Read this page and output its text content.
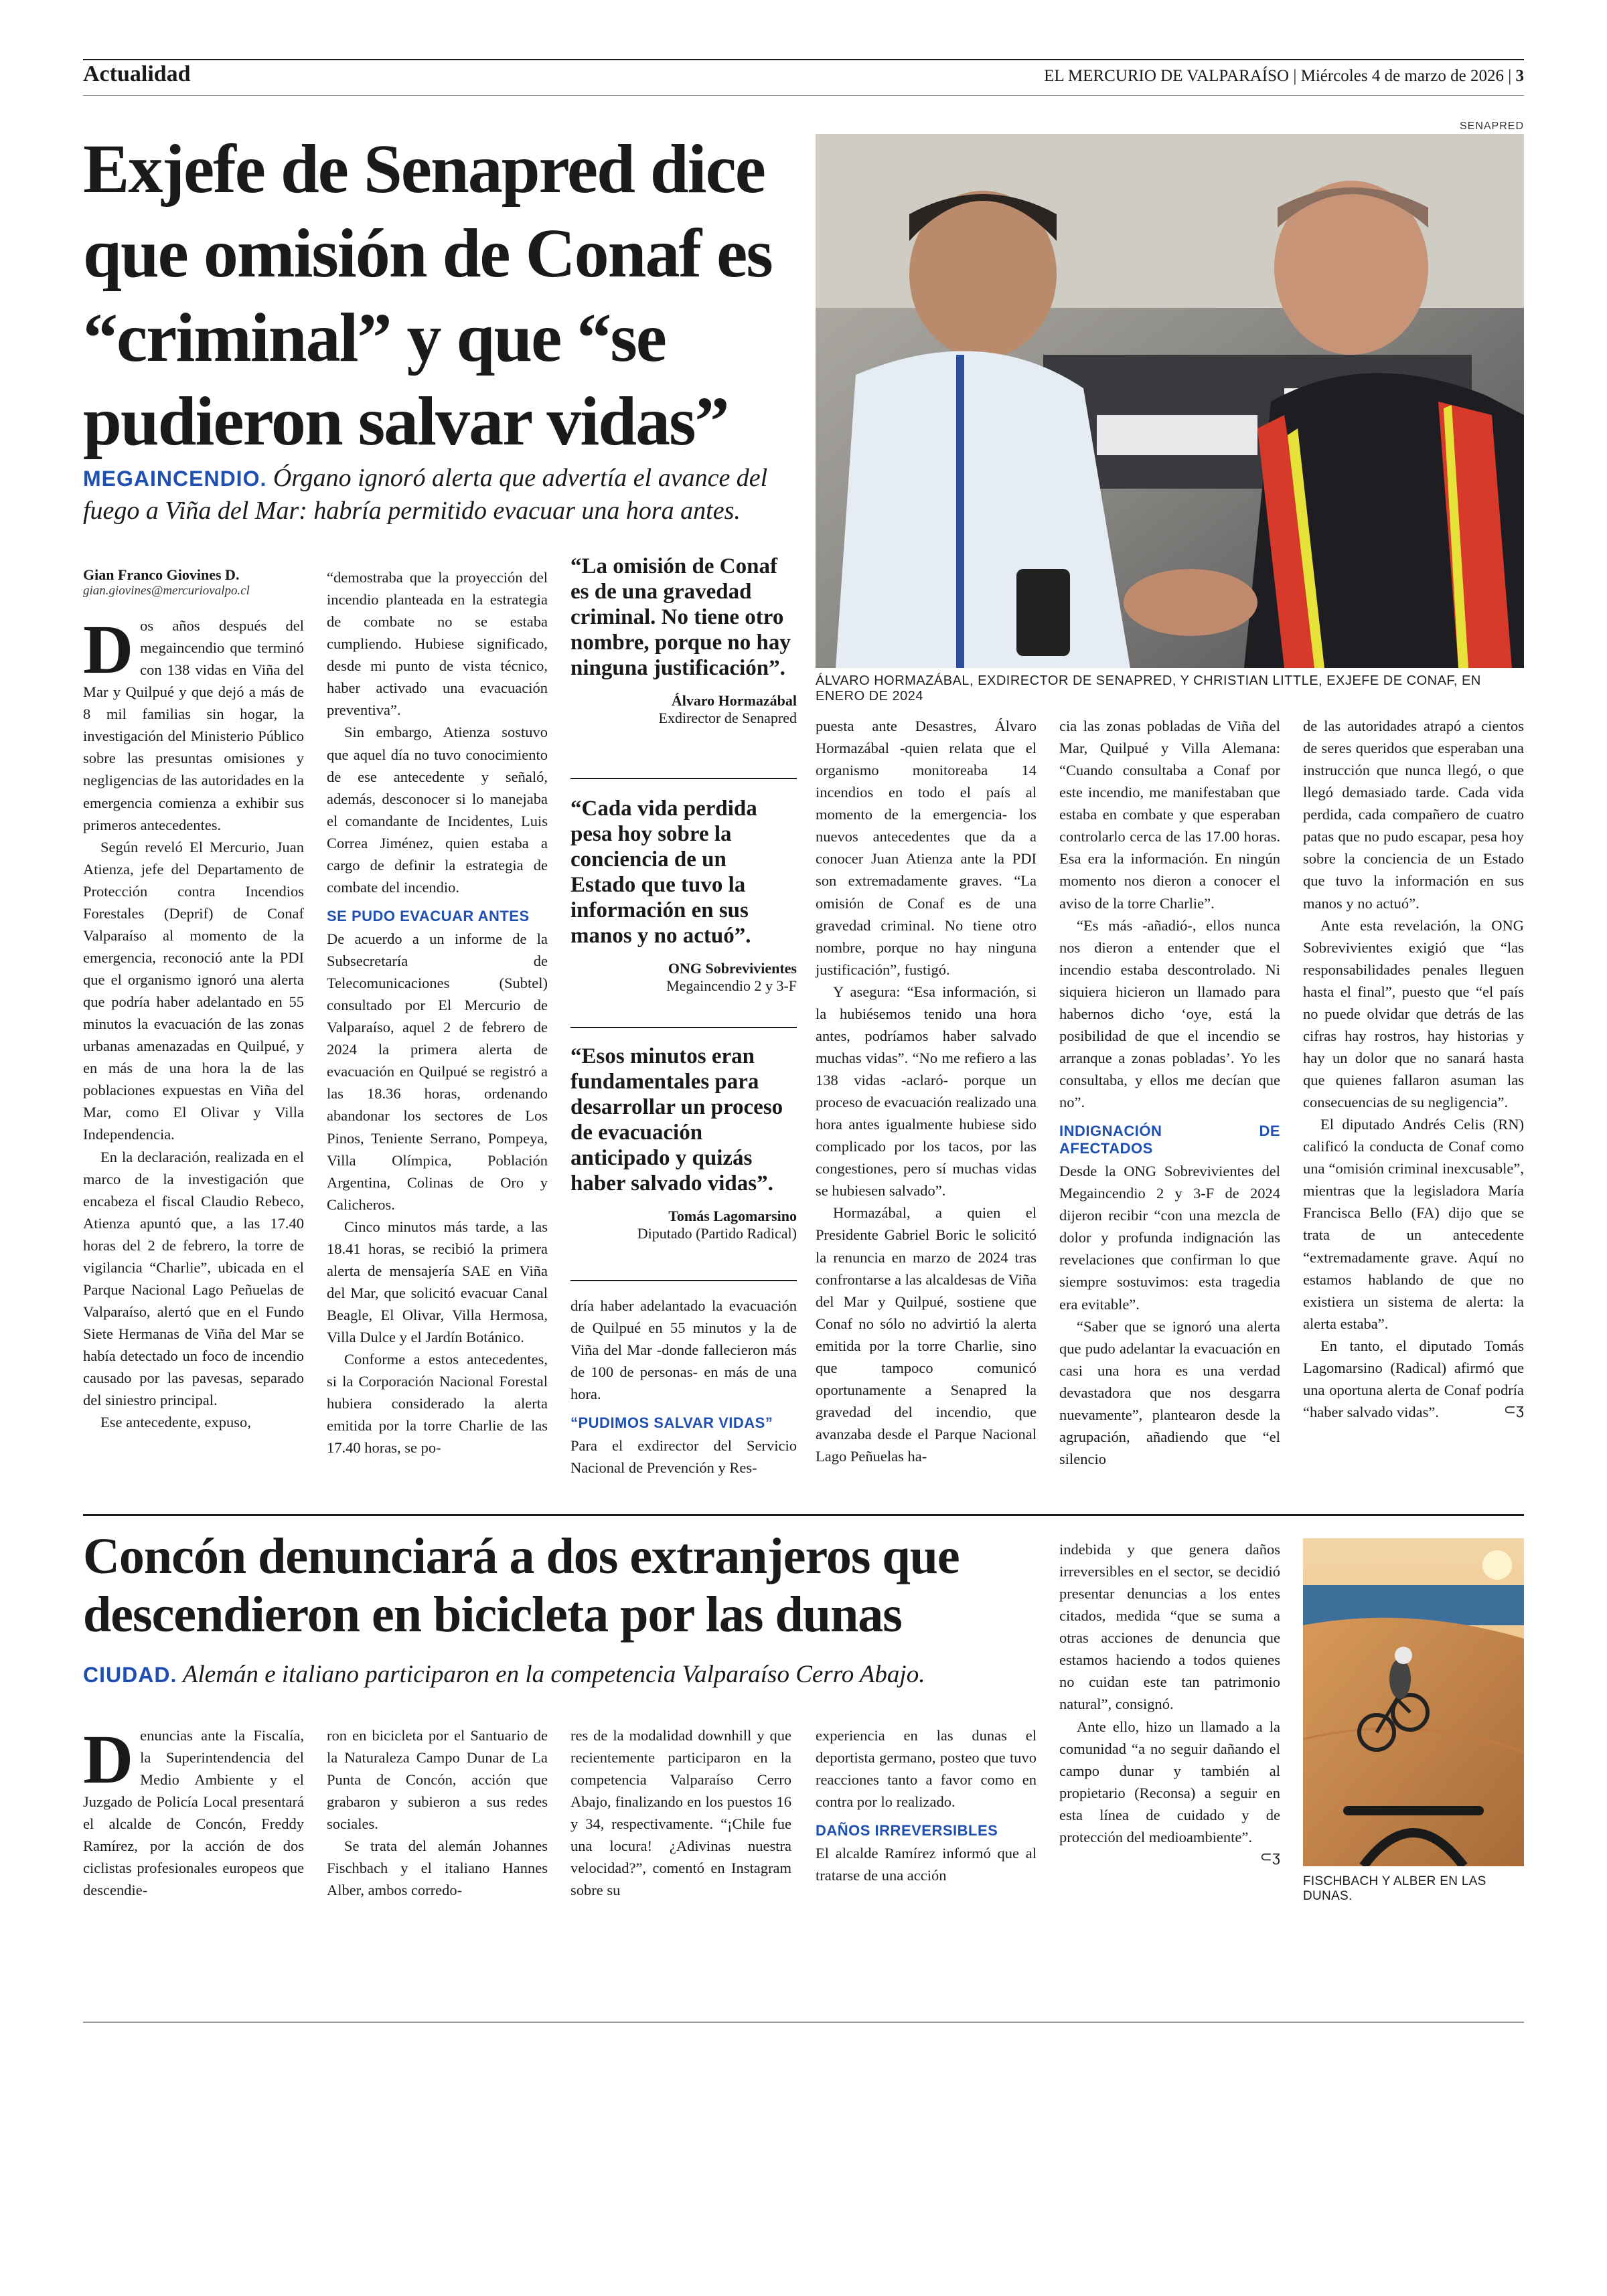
Actualidad	EL MERCURIO DE VALPARAÍSO | Miércoles 4 de marzo de 2026 | 3
Exjefe de Senapred dice que omisión de Conaf es “criminal” y que “se pudieron salvar vidas”
MEGAINCENDIO. Órgano ignoró alerta que advertía el avance del fuego a Viña del Mar: habría permitido evacuar una hora antes.
SENAPRED
ÁLVARO HORMAZÁBAL, EXDIRECTOR DE SENAPRED, Y CHRISTIAN LITTLE, EXJEFE DE CONAF, EN ENERO DE 2024
Gian Franco Giovines D.
gian.giovines@mercuriovalpo.cl

Dos años después del megaincendio que terminó con 138 vidas en Viña del Mar y Quilpué y que dejó a más de 8 mil familias sin hogar, la investigación del Ministerio Público sobre las presuntas omisiones y negligencias de las autoridades en la emergencia comienza a exhibir sus primeros antecedentes.

Según reveló El Mercurio, Juan Atienza, jefe del Departamento de Protección contra Incendios Forestales (Deprif) de Conaf Valparaíso al momento de la emergencia, reconoció ante la PDI que el organismo ignoró una alerta que podría haber adelantado en 55 minutos la evacuación de las zonas urbanas amenazadas en Quilpué, y en más de una hora la de las poblaciones expuestas en Viña del Mar, como El Olivar y Villa Independencia.

En la declaración, realizada en el marco de la investigación que encabeza el fiscal Claudio Rebeco, Atienza apuntó que, a las 17.40 horas del 2 de febrero, la torre de vigilancia “Charlie”, ubicada en el Parque Nacional Lago Peñuelas de Valparaíso, alertó que en el Fundo Siete Hermanas de Viña del Mar se había detectado un foco de incendio causado por las pavesas, separado del siniestro principal.

Ese antecedente, expuso,

“demostraba que la proyección del incendio planteada en la estrategia de combate no se estaba cumpliendo. Hubiese significado, desde mi punto de vista técnico, haber activado una evacuación preventiva”.

Sin embargo, Atienza sostuvo que aquel día no tuvo conocimiento de ese antecedente y señaló, además, desconocer si lo manejaba el comandante de Incidentes, Luis Correa Jiménez, quien estaba a cargo de definir la estrategia de combate del incendio.

SE PUDO EVACUAR ANTES

De acuerdo a un informe de la Subsecretaría de Telecomunicaciones (Subtel) consultado por El Mercurio de Valparaíso, aquel 2 de febrero de 2024 la primera alerta de evacuación en Quilpué se registró a las 18.36 horas, ordenando abandonar los sectores de Los Pinos, Teniente Serrano, Pompeya, Villa Olímpica, Población Argentina, Colinas de Oro y Calicheros.

Cinco minutos más tarde, a las 18.41 horas, se recibió la primera alerta de mensajería SAE en Viña del Mar, que solicitó evacuar Canal Beagle, El Olivar, Villa Hermosa, Villa Dulce y el Jardín Botánico.

Conforme a estos antecedentes, si la Corporación Nacional Forestal hubiera considerado la alerta emitida por la torre Charlie de las 17.40 horas, se po-

“La omisión de Conaf es de una gravedad criminal. No tiene otro nombre, porque no hay ninguna justificación”.
Álvaro Hormazábal
Exdirector de Senapred
“Cada vida perdida pesa hoy sobre la conciencia de un Estado que tuvo la información en sus manos y no actuó”.
ONG Sobrevivientes
Megaincendio 2 y 3-F
“Esos minutos eran fundamentales para desarrollar un proceso de evacuación anticipado y quizás haber salvado vidas”.
Tomás Lagomarsino
Diputado (Partido Radical)

dría haber adelantado la evacuación de Quilpué en 55 minutos y la de Viña del Mar -donde fallecieron más de 100 de personas- en más de una hora.

“PUDIMOS SALVAR VIDAS”

Para el exdirector del Servicio Nacional de Prevención y Res-

puesta ante Desastres, Álvaro Hormazábal -quien relata que el organismo monitoreaba 14 incendios en todo el país al momento de la emergencia- los nuevos antecedentes que da a conocer Juan Atienza ante la PDI son extremadamente graves. “La omisión de Conaf es de una gravedad criminal. No tiene otro nombre, porque no hay ninguna justificación”, fustigó.

Y asegura: “Esa información, si la hubiésemos tenido una hora antes, podríamos haber salvado muchas vidas”. “No me refiero a las 138 vidas -aclaró- porque un proceso de evacuación realizado una hora antes igualmente hubiese sido complicado por los tacos, por las congestiones, pero sí muchas vidas se hubiesen salvado”.

Hormazábal, a quien el Presidente Gabriel Boric le solicitó la renuncia en marzo de 2024 tras confrontarse a las alcaldesas de Viña del Mar y Quilpué, sostiene que Conaf no sólo no advirtió la alerta emitida por la torre Charlie, sino que tampoco comunicó oportunamente a Senapred la gravedad del incendio, que avanzaba desde el Parque Nacional Lago Peñuelas ha-

cia las zonas pobladas de Viña del Mar, Quilpué y Villa Alemana: “Cuando consultaba a Conaf por este incendio, me manifestaban que estaba en combate y que esperaban controlarlo cerca de las 17.00 horas. Esa era la información. En ningún momento nos dieron a conocer el aviso de la torre Charlie”.

“Es más -añadió-, ellos nunca nos dieron a entender que el incendio estaba descontrolado. Ni siquiera hicieron un llamado para habernos dicho ‘oye, está la posibilidad de que el incendio se arranque a zonas pobladas’. Yo les consultaba, y ellos me decían que no”.

INDIGNACIÓN DE AFECTADOS

Desde la ONG Sobrevivientes del Megaincendio 2 y 3-F de 2024 dijeron recibir “con una mezcla de dolor y profunda indignación las revelaciones que confirman lo que siempre sostuvimos: esta tragedia era evitable”.

“Saber que se ignoró una alerta que pudo adelantar la evacuación en casi una hora es una verdad devastadora que nos desgarra nuevamente”, plantearon desde la agrupación, añadiendo que “el silencio

de las autoridades atrapó a cientos de seres queridos que esperaban una instrucción que nunca llegó, o que llegó demasiado tarde. Cada vida perdida, cada compañero de cuatro patas que no pudo escapar, pesa hoy sobre la conciencia de un Estado que tuvo la información en sus manos y no actuó”.

Ante esta revelación, la ONG Sobrevivientes exigió que “las responsabilidades penales lleguen hasta el final”, puesto que “el país no puede olvidar que detrás de las cifras hay rostros, hay historias y hay un dolor que no sanará hasta que quienes fallaron asuman las consecuencias de su negligencia”.

El diputado Andrés Celis (RN) calificó la conducta de Conaf como una “omisión criminal inexcusable”, mientras que la legisladora María Francisca Bello (FA) dijo que se trata de un antecedente “extremadamente grave. Aquí no estamos hablando de que no existiera un sistema de alerta: la alerta estaba”.

En tanto, el diputado Tomás Lagomarsino (Radical) afirmó que una oportuna alerta de Conaf podría “haber salvado vidas”.	⊂ʒ

Concón denunciará a dos extranjeros que descendieron en bicicleta por las dunas
CIUDAD. Alemán e italiano participaron en la competencia Valparaíso Cerro Abajo.

Denuncias ante la Fiscalía, la Superintendencia del Medio Ambiente y el Juzgado de Policía Local presentará el alcalde de Concón, Freddy Ramírez, por la acción de dos ciclistas profesionales europeos que descendie-

ron en bicicleta por el Santuario de la Naturaleza Campo Dunar de La Punta de Concón, acción que grabaron y subieron a sus redes sociales.

Se trata del alemán Johannes Fischbach y el italiano Hannes Alber, ambos corredo-

res de la modalidad downhill y que recientemente participaron en la competencia Valparaíso Cerro Abajo, finalizando en los puestos 16 y 34, respectivamente. “¡Chile fue una locura! ¿Adivinas nuestra velocidad?”, comentó en Instagram sobre su

experiencia en las dunas el deportista germano, posteo que tuvo reacciones tanto a favor como en contra por lo realizado.

DAÑOS IRREVERSIBLES

El alcalde Ramírez informó que al tratarse de una acción

indebida y que genera daños irreversibles en el sector, se decidió presentar denuncias a los entes citados, medida “que se suma a otras acciones de denuncia que estamos haciendo a todos quienes no cuidan este tan patrimonio natural”, consignó.

Ante ello, hizo un llamado a la comunidad “a no seguir dañando el campo dunar y también al propietario (Reconsa) a seguir en esta línea de cuidado y de protección del medioambiente”.
⊂ʒ

FISCHBACH Y ALBER EN LAS DUNAS.
